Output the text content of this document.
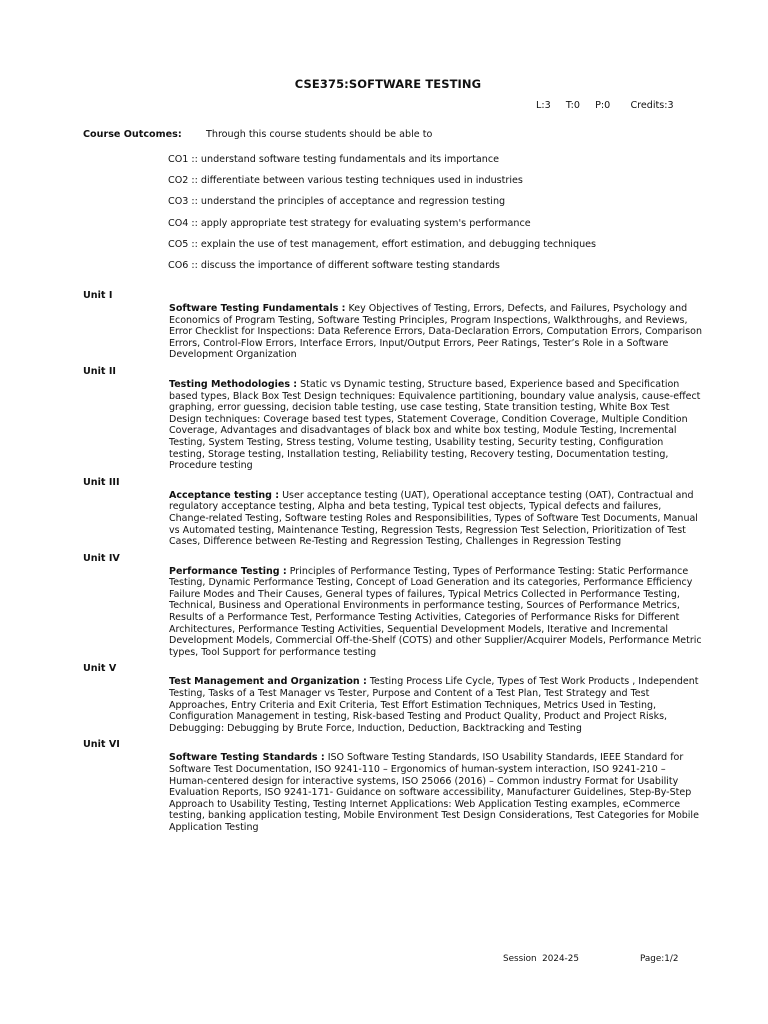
CSE375:SOFTWARE TESTING
L:3   T:0   P:0    Credits:3
Course Outcomes:	Through this course students should be able to
CO1 :: understand software testing fundamentals and its importance
CO2 :: differentiate between various testing techniques used in industries
CO3 :: understand the principles of acceptance and regression testing
CO4 :: apply appropriate test strategy for evaluating system's performance
CO5 :: explain the use of test management, effort estimation, and debugging techniques
CO6 :: discuss the importance of different software testing standards
Unit I
Software Testing Fundamentals : Key Objectives of Testing, Errors, Defects, and Failures, Psychology and Economics of Program Testing, Software Testing Principles, Program Inspections, Walkthroughs, and Reviews, Error Checklist for Inspections: Data Reference Errors, Data-Declaration Errors, Computation Errors, Comparison Errors, Control-Flow Errors, Interface Errors, Input/Output Errors, Peer Ratings, Tester’s Role in a Software Development Organization
Unit II
Testing Methodologies : Static vs Dynamic testing, Structure based, Experience based and Specification based types, Black Box Test Design techniques: Equivalence partitioning, boundary value analysis, cause-effect graphing, error guessing, decision table testing, use case testing, State transition testing, White Box Test Design techniques: Coverage based test types, Statement Coverage, Condition Coverage, Multiple Condition Coverage, Advantages and disadvantages of black box and white box testing, Module Testing, Incremental Testing, System Testing, Stress testing, Volume testing, Usability testing, Security testing, Configuration testing, Storage testing, Installation testing, Reliability testing, Recovery testing, Documentation testing, Procedure testing
Unit III
Acceptance testing : User acceptance testing (UAT), Operational acceptance testing (OAT), Contractual and regulatory acceptance testing, Alpha and beta testing, Typical test objects, Typical defects and failures, Change-related Testing, Software testing Roles and Responsibilities, Types of Software Test Documents, Manual vs Automated testing, Maintenance Testing, Regression Tests, Regression Test Selection, Prioritization of Test Cases, Difference between Re-Testing and Regression Testing, Challenges in Regression Testing
Unit IV
Performance Testing : Principles of Performance Testing, Types of Performance Testing: Static Performance Testing, Dynamic Performance Testing, Concept of Load Generation and its categories, Performance Efficiency Failure Modes and Their Causes, General types of failures, Typical Metrics Collected in Performance Testing, Technical, Business and Operational Environments in performance testing, Sources of Performance Metrics, Results of a Performance Test, Performance Testing Activities, Categories of Performance Risks for Different Architectures, Performance Testing Activities, Sequential Development Models, Iterative and Incremental Development Models, Commercial Off-the-Shelf (COTS) and other Supplier/Acquirer Models, Performance Metric types, Tool Support for performance testing
Unit V
Test Management and Organization : Testing Process Life Cycle, Types of Test Work Products , Independent Testing, Tasks of a Test Manager vs Tester, Purpose and Content of a Test Plan, Test Strategy and Test Approaches, Entry Criteria and Exit Criteria, Test Effort Estimation Techniques, Metrics Used in Testing, Configuration Management in testing, Risk-based Testing and Product Quality, Product and Project Risks, Debugging: Debugging by Brute Force, Induction, Deduction, Backtracking and Testing
Unit VI
Software Testing Standards : ISO Software Testing Standards, ISO Usability Standards, IEEE Standard for Software Test Documentation, ISO 9241-110 – Ergonomics of human-system interaction, ISO 9241-210 – Human-centered design for interactive systems, ISO 25066 (2016) – Common industry Format for Usability Evaluation Reports, ISO 9241-171- Guidance on software accessibility, Manufacturer Guidelines, Step-By-Step Approach to Usability Testing, Testing Internet Applications: Web Application Testing examples, eCommerce testing, banking application testing, Mobile Environment Test Design Considerations, Test Categories for Mobile Application Testing
Session  2024-25	Page:1/2
